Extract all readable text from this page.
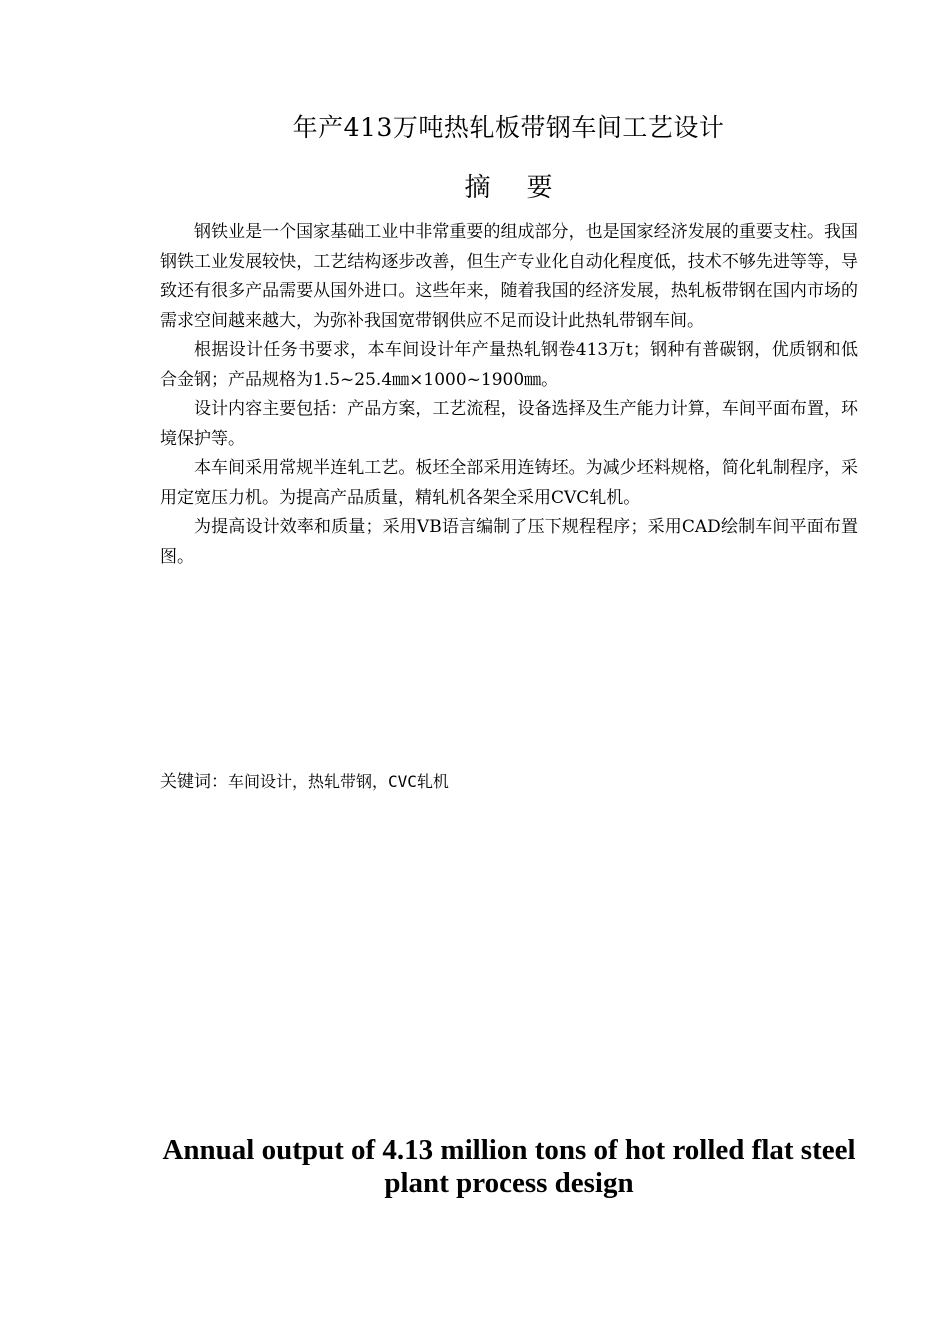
年产413万吨热轧板带钢车间工艺设计
摘 要

钢铁业是一个国家基础工业中非常重要的组成部分，也是国家经济发展的重要支柱。我国钢铁工业发展较快，工艺结构逐步改善，但生产专业化自动化程度低，技术不够先进等等，导致还有很多产品需要从国外进口。这些年来，随着我国的经济发展，热轧板带钢在国内市场的需求空间越来越大，为弥补我国宽带钢供应不足而设计此热轧带钢车间。

根据设计任务书要求，本车间设计年产量热轧钢卷413万t；钢种有普碳钢，优质钢和低合金钢；产品规格为1.5~25.4㎜×1000~1900㎜。

设计内容主要包括：产品方案，工艺流程，设备选择及生产能力计算，车间平面布置，环境保护等。

本车间采用常规半连轧工艺。板坯全部采用连铸坯。为减少坯料规格，简化轧制程序，采用定宽压力机。为提高产品质量，精轧机各架全采用CVC轧机。

为提高设计效率和质量；采用VB语言编制了压下规程程序；采用CAD绘制车间平面布置图。

关键词：车间设计，热轧带钢，CVC轧机
Annual output of 4.13 million tons of hot rolled flat steel plant process design
